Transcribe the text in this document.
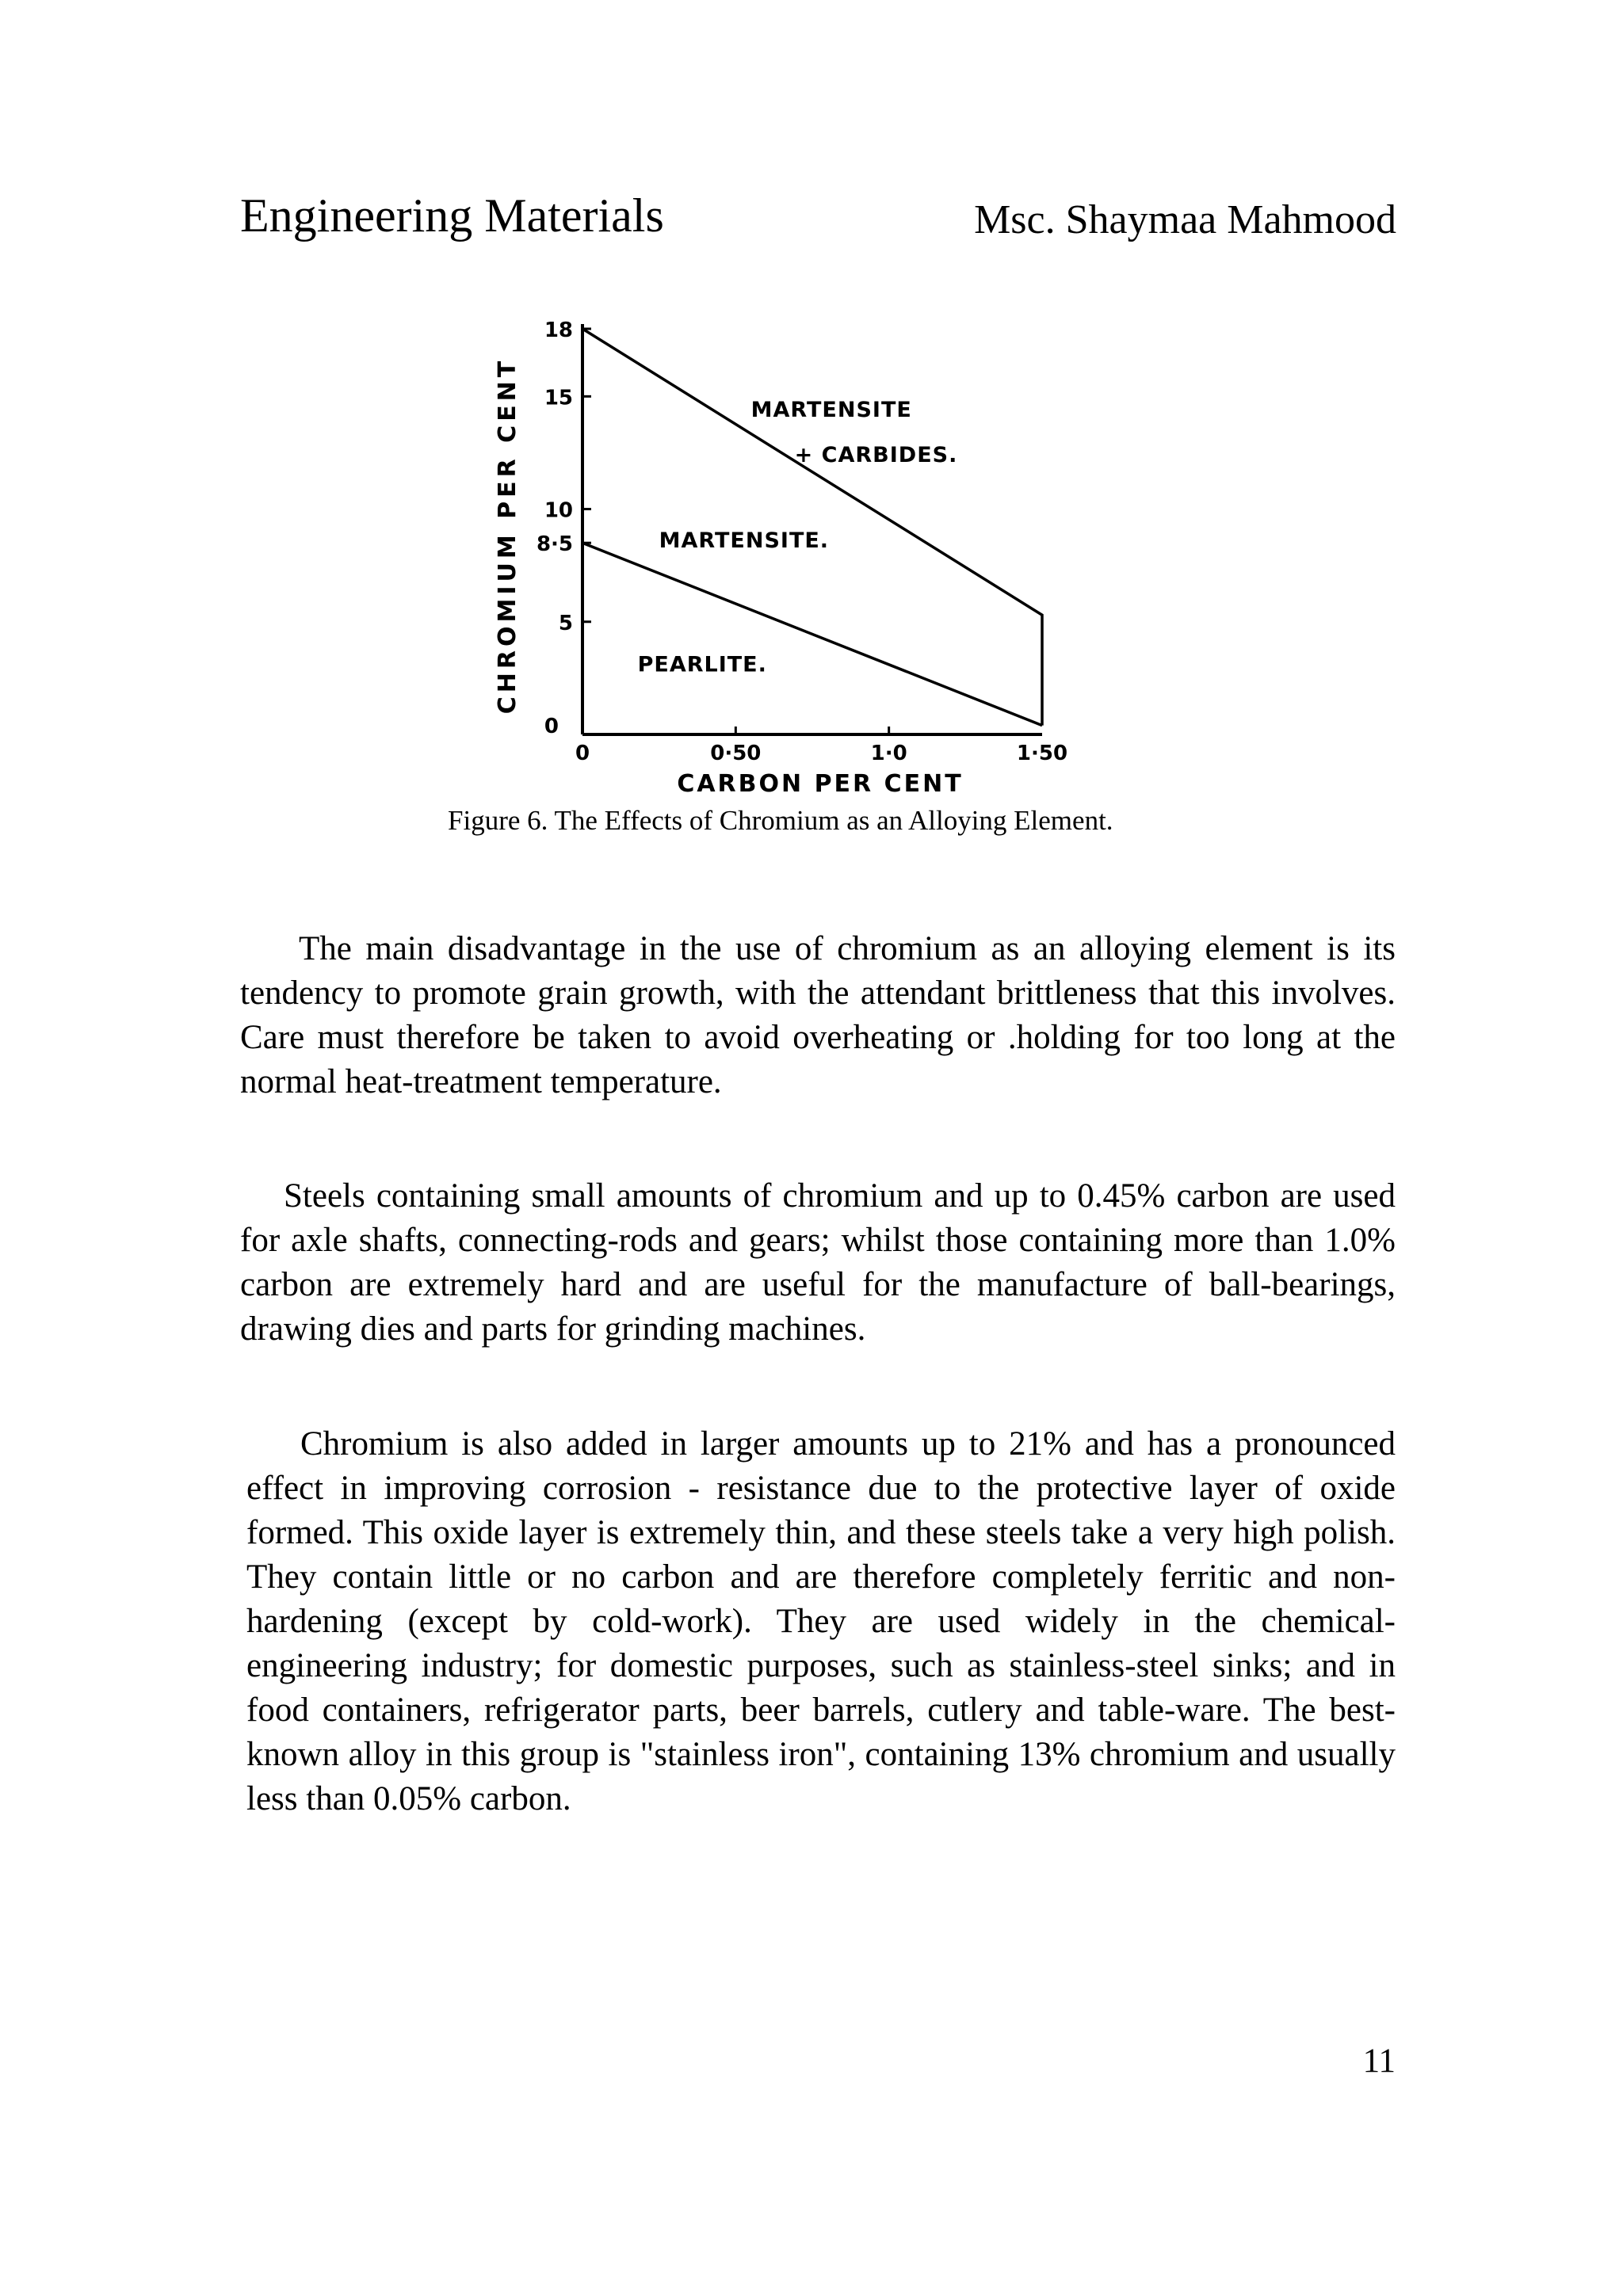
Engineering Materials	Msc. Shaymaa Mahmood
0
5
8·5
10
15
18
0	0·50	1·0	1·50
MARTENSITE
+ CARBIDES.
MARTENSITE.
PEARLITE.
CARBON PER CENT
CHROMIUM PER CENT
Figure 6. The Effects of Chromium as an Alloying Element.

The main disadvantage in the use of chromium as an alloying element is its tendency to promote grain growth, with the attendant brittleness that this involves. Care must therefore be taken to avoid overheating or .holding for too long at the normal heat-treatment temperature.

Steels containing small amounts of chromium and up to 0.45% carbon are used for axle shafts, connecting-rods and gears; whilst those containing more than 1.0% carbon are extremely hard and are useful for the manufacture of ball-bearings, drawing dies and parts for grinding machines.

Chromium is also added in larger amounts up to 21% and has a pronounced effect in improving corrosion - resistance due to the protective layer of oxide formed. This oxide layer is extremely thin, and these steels take a very high polish. They contain little or no carbon and are therefore completely ferritic and non-hardening (except by cold-work). They are used widely in the chemical- engineering industry; for domestic purposes, such as stainless-steel sinks; and in food containers, refrigerator parts, beer barrels, cutlery and table-ware. The best-known alloy in this group is "stainless iron", containing 13% chromium and usually less than 0.05% carbon.

11
